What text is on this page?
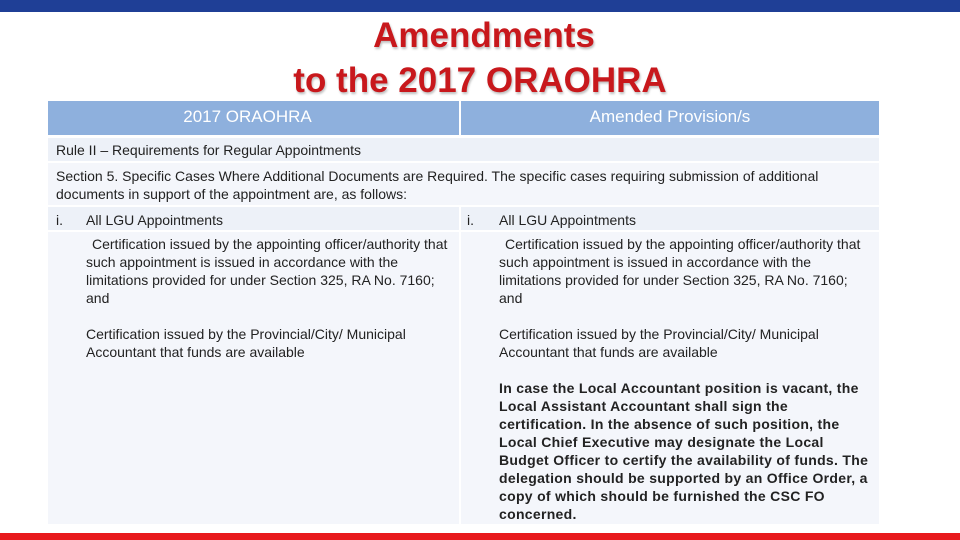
Amendments
to the 2017 ORAOHRA
2017 ORAOHRA	Amended Provision/s
Rule II – Requirements for Regular Appointments
Section 5. Specific Cases Where Additional Documents are Required. The specific cases requiring submission of additional documents in support of the appointment are, as follows:
i. All LGU Appointments	i. All LGU Appointments
Certification issued by the appointing officer/authority that such appointment is issued in accordance with the limitations provided for under Section 325, RA No. 7160; and
Certification issued by the Provincial/City/ Municipal Accountant that funds are available
Certification issued by the appointing officer/authority that such appointment is issued in accordance with the limitations provided for under Section 325, RA No. 7160; and
Certification issued by the Provincial/City/ Municipal Accountant that funds are available
In case the Local Accountant position is vacant, the Local Assistant Accountant shall sign the certification. In the absence of such position, the Local Chief Executive may designate the Local Budget Officer to certify the availability of funds. The delegation should be supported by an Office Order, a copy of which should be furnished the CSC FO concerned.
